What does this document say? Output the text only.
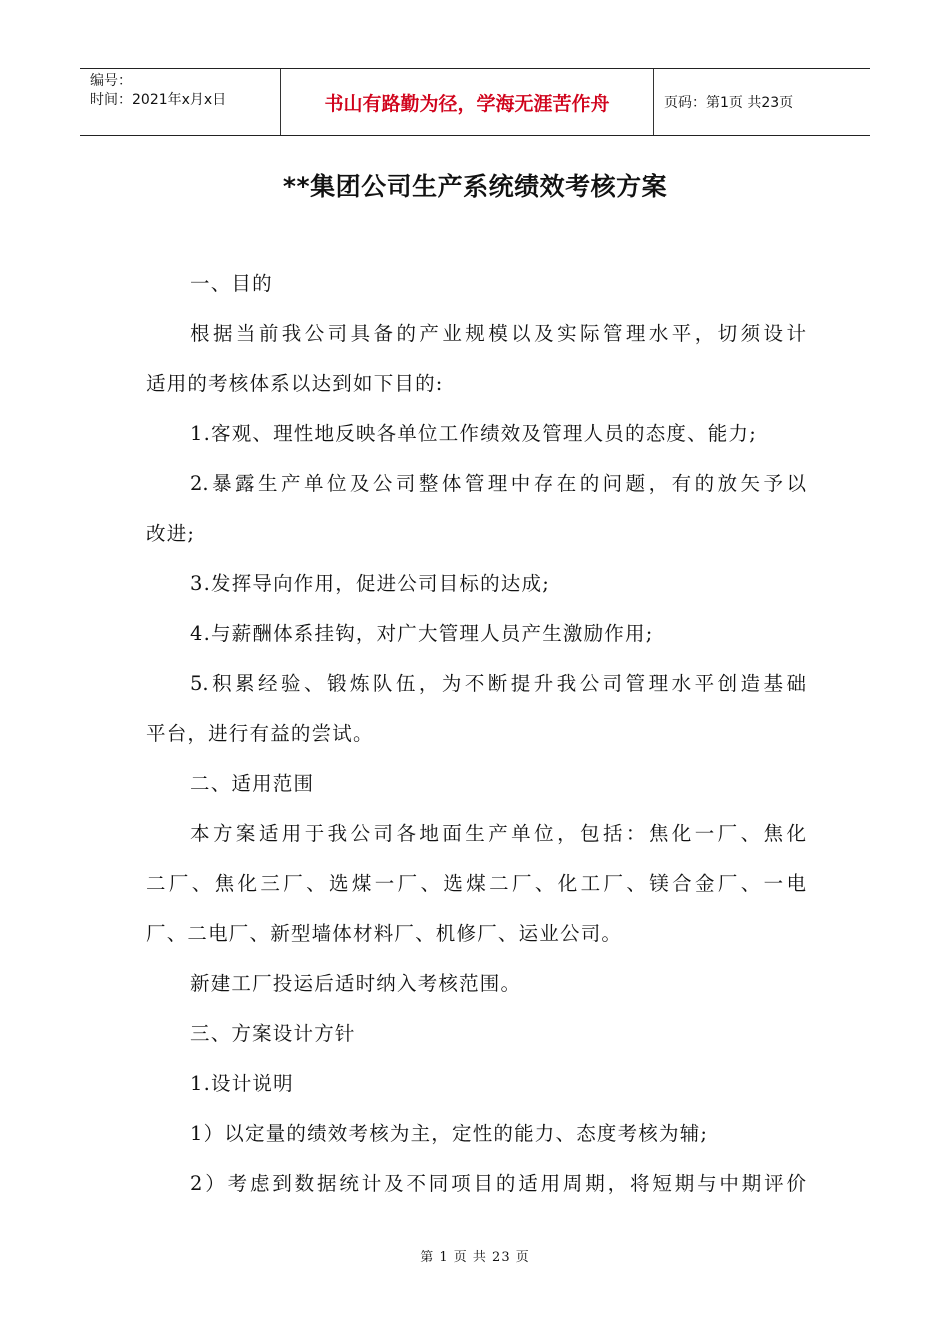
编号：
时间：2021年x月x日	书山有路勤为径，学海无涯苦作舟	页码：第1页 共23页
**集团公司生产系统绩效考核方案
一、目的
根据当前我公司具备的产业规模以及实际管理水平，切须设计
适用的考核体系以达到如下目的:
1.客观、理性地反映各单位工作绩效及管理人员的态度、能力;
2.暴露生产单位及公司整体管理中存在的问题，有的放矢予以
改进;
3.发挥导向作用，促进公司目标的达成;
4.与薪酬体系挂钩，对广大管理人员产生激励作用;
5.积累经验、锻炼队伍，为不断提升我公司管理水平创造基础
平台，进行有益的尝试。
二、适用范围
本方案适用于我公司各地面生产单位，包括：焦化一厂、焦化
二厂、焦化三厂、选煤一厂、选煤二厂、化工厂、镁合金厂、一电
厂、二电厂、新型墙体材料厂、机修厂、运业公司。
新建工厂投运后适时纳入考核范围。
三、方案设计方针
1.设计说明
1）以定量的绩效考核为主，定性的能力、态度考核为辅;
2）考虑到数据统计及不同项目的适用周期，将短期与中期评价
第 1 页 共 23 页
